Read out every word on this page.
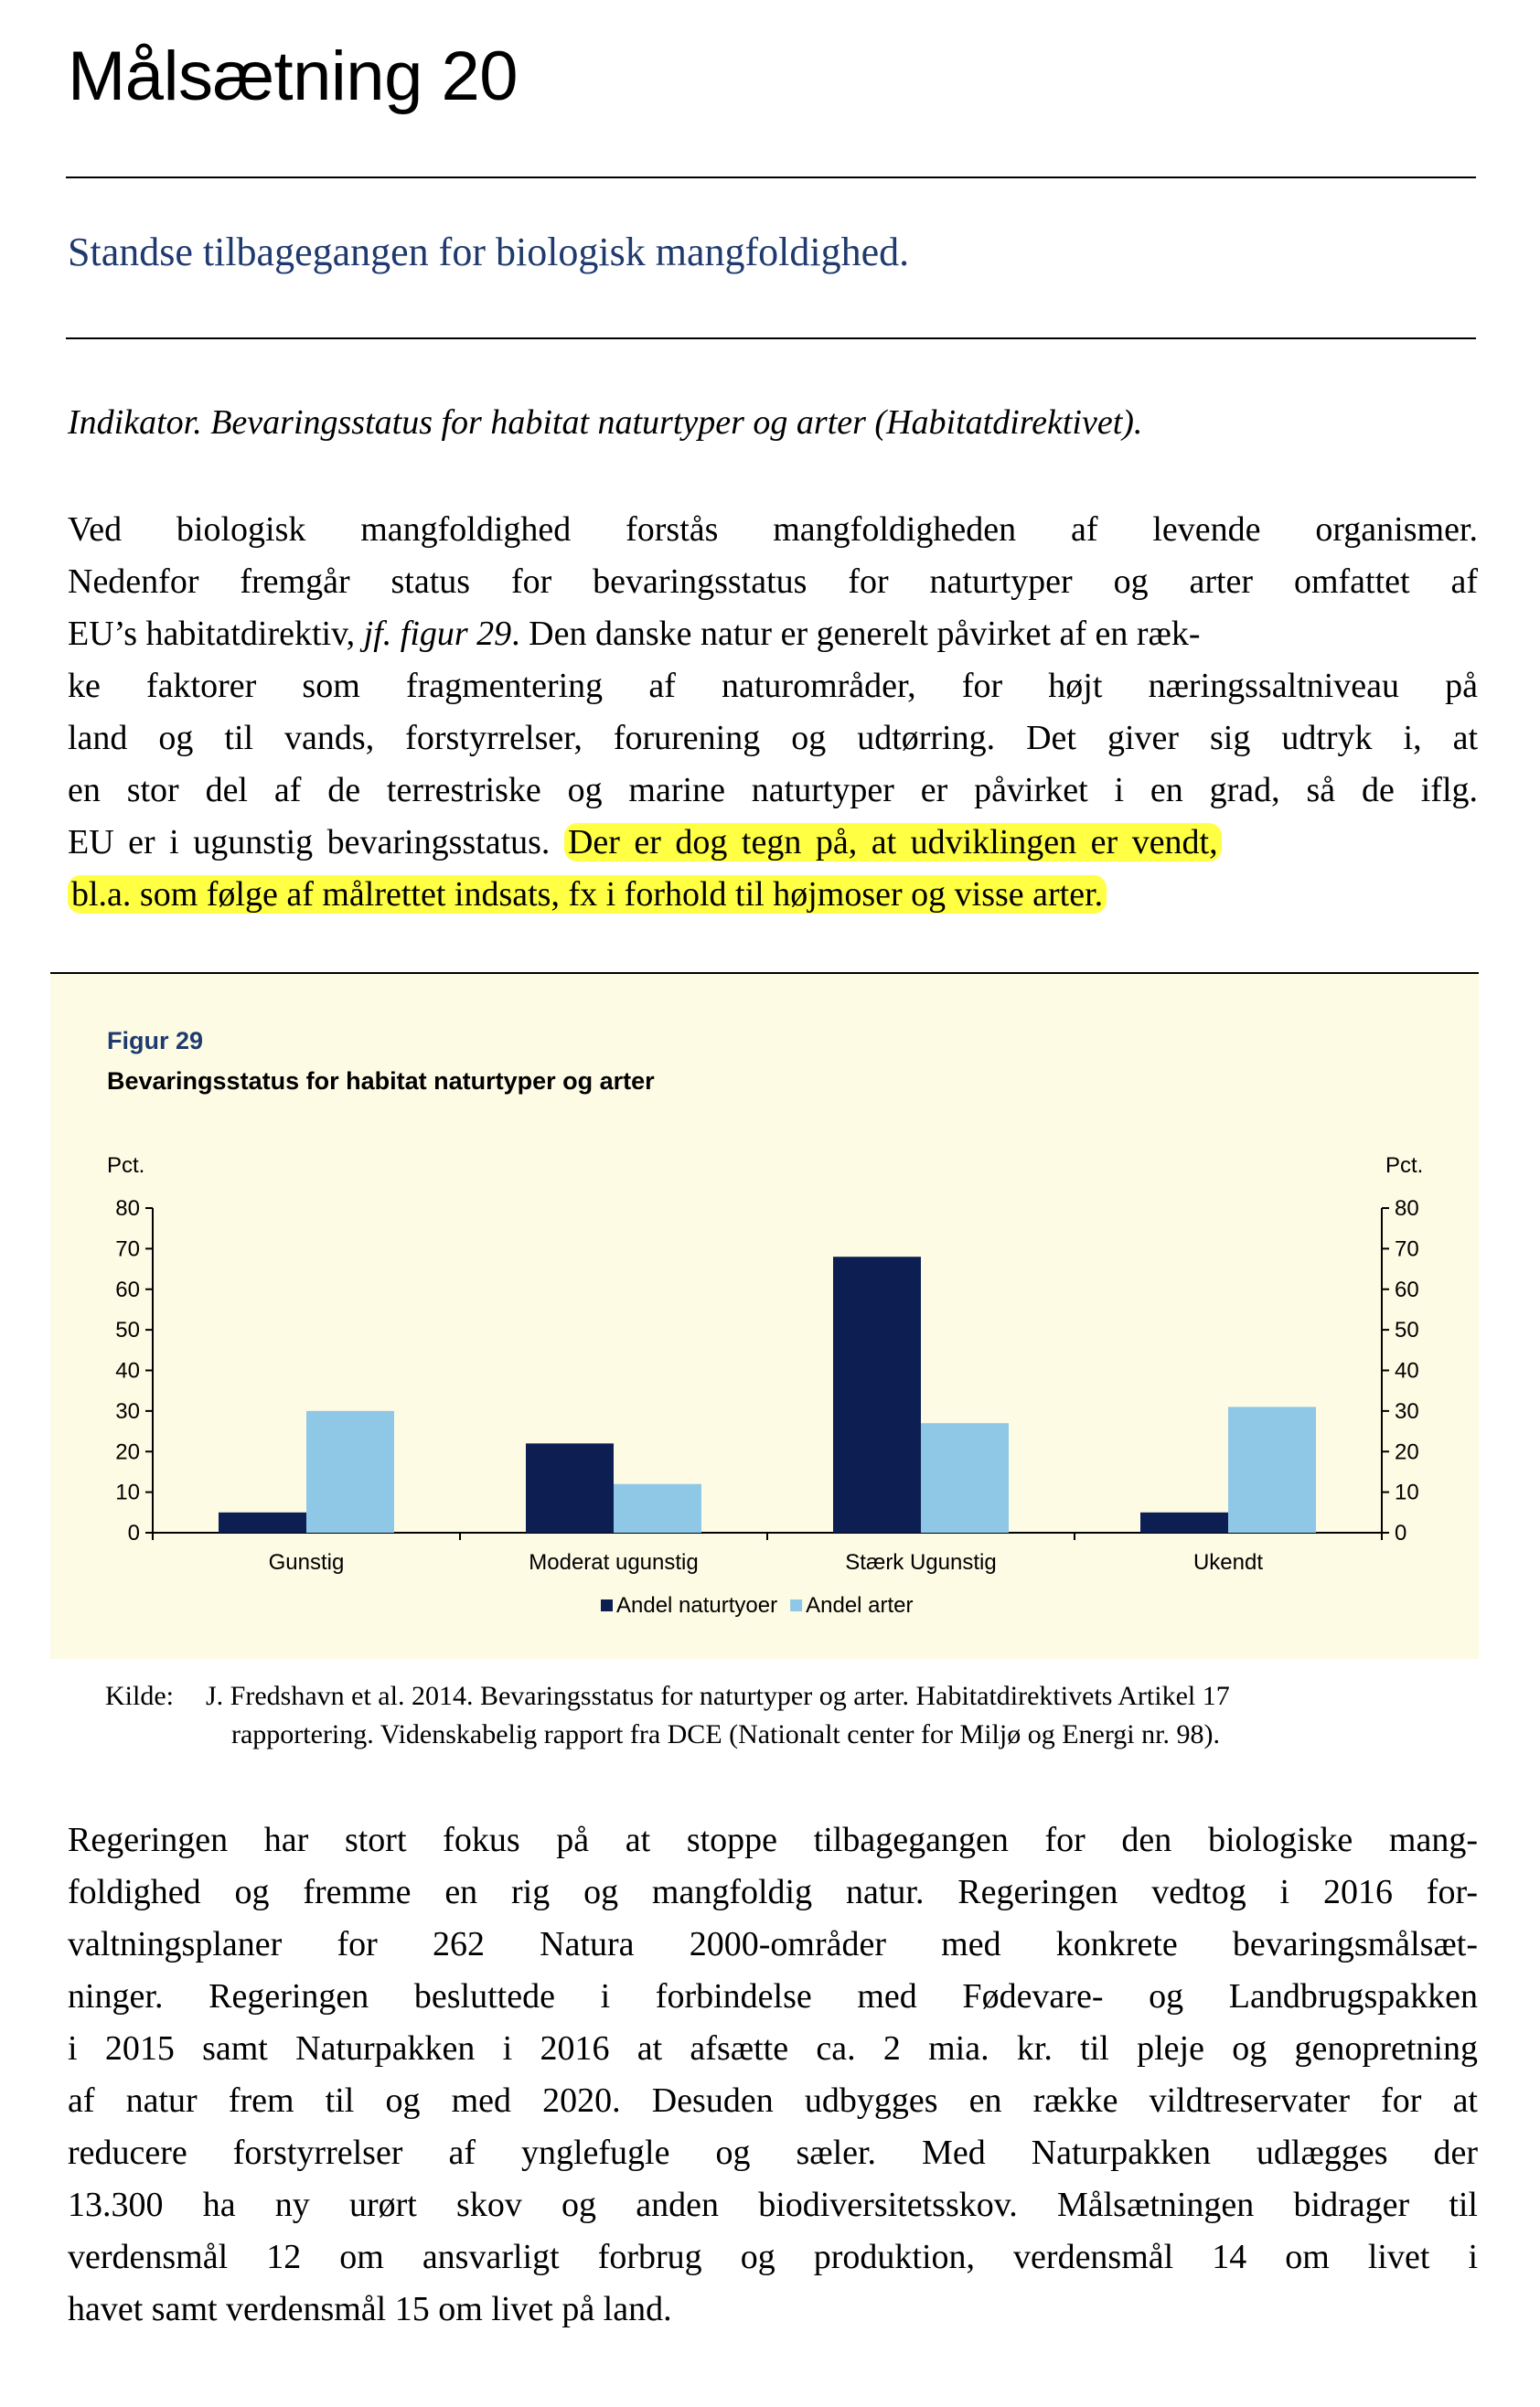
Målsætning 20
Standse tilbagegangen for biologisk mangfoldighed.
Indikator. Bevaringsstatus for habitat naturtyper og arter (Habitatdirektivet).
Ved biologisk mangfoldighed forstås mangfoldigheden af levende organismer.
Nedenfor fremgår status for bevaringsstatus for naturtyper og arter omfattet af
EU’s habitatdirektiv, jf. figur 29. Den danske natur er generelt påvirket af en ræk-
ke faktorer som fragmentering af naturområder, for højt næringssaltniveau på
land og til vands, forstyrrelser, forurening og udtørring. Det giver sig udtryk i, at
en stor del af de terrestriske og marine naturtyper er påvirket i en grad, så de iflg.
EU er i ugunstig bevaringsstatus. Der er dog tegn på, at udviklingen er vendt,
bl.a. som følge af målrettet indsats, fx i forhold til højmoser og visse arter.
Figur 29
Bevaringsstatus for habitat naturtyper og arter
Pct.	Pct.
0	0
10	10
20	20
30	30
40	40
50	50
60	60
70	70
80	80
Gunstig	Moderat ugunstig	Stærk Ugunstig	Ukendt
Andel naturtyoer Andel arter
Kilde: J. Fredshavn et al. 2014. Bevaringsstatus for naturtyper og arter. Habitatdirektivets Artikel 17
rapportering. Videnskabelig rapport fra DCE (Nationalt center for Miljø og Energi nr. 98).
Regeringen har stort fokus på at stoppe tilbagegangen for den biologiske mang-
foldighed og fremme en rig og mangfoldig natur. Regeringen vedtog i 2016 for-
valtningsplaner for 262 Natura 2000-områder med konkrete bevaringsmålsæt-
ninger. Regeringen besluttede i forbindelse med Fødevare- og Landbrugspakken
i 2015 samt Naturpakken i 2016 at afsætte ca. 2 mia. kr. til pleje og genopretning
af natur frem til og med 2020. Desuden udbygges en række vildtreservater for at
reducere forstyrrelser af ynglefugle og sæler. Med Naturpakken udlægges der
13.300 ha ny urørt skov og anden biodiversitetsskov. Målsætningen bidrager til
verdensmål 12 om ansvarligt forbrug og produktion, verdensmål 14 om livet i
havet samt verdensmål 15 om livet på land.
